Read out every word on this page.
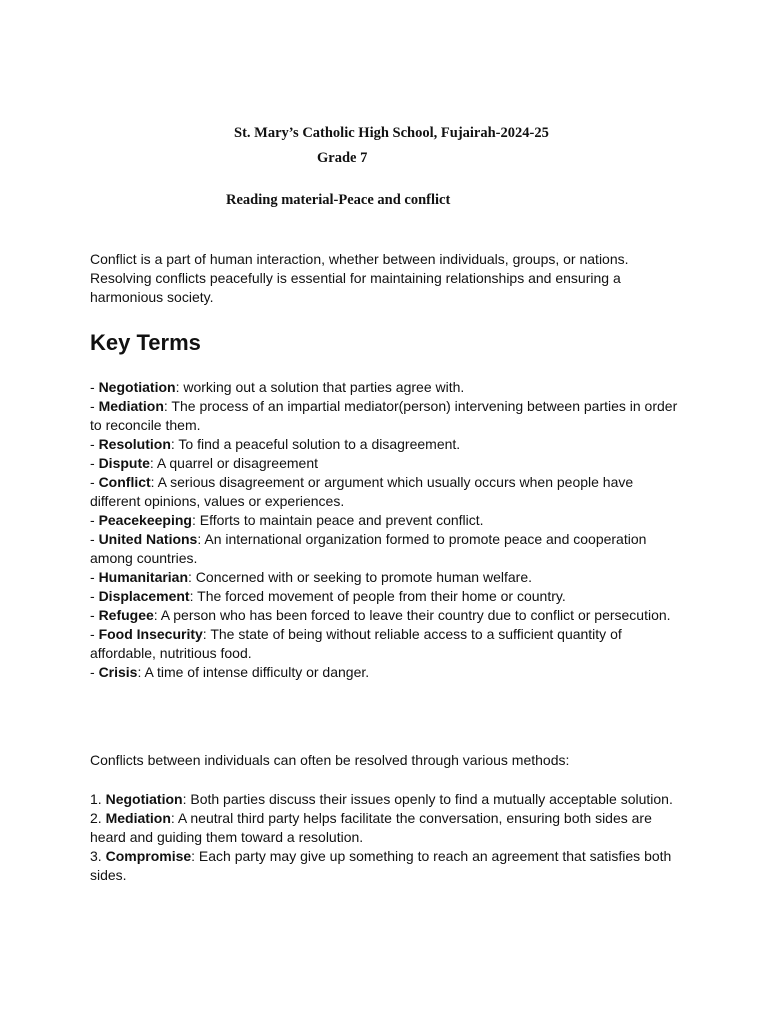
St. Mary’s Catholic High School, Fujairah-2024-25
Grade 7
Reading material-Peace and conflict
Conflict is a part of human interaction, whether between individuals, groups, or nations. Resolving conflicts peacefully is essential for maintaining relationships and ensuring a harmonious society.
Key Terms
- Negotiation: working out a solution that parties agree with.
- Mediation: The process of an impartial mediator(person) intervening between parties in order to reconcile them.
- Resolution: To find a peaceful solution to a disagreement.
- Dispute: A quarrel or disagreement
- Conflict: A serious disagreement or argument which usually occurs when people have different opinions, values or experiences.
- Peacekeeping: Efforts to maintain peace and prevent conflict.
- United Nations: An international organization formed to promote peace and cooperation among countries.
- Humanitarian: Concerned with or seeking to promote human welfare.
- Displacement: The forced movement of people from their home or country.
- Refugee: A person who has been forced to leave their country due to conflict or persecution.
- Food Insecurity: The state of being without reliable access to a sufficient quantity of affordable, nutritious food.
- Crisis: A time of intense difficulty or danger.
Conflicts between individuals can often be resolved through various methods:
1. Negotiation: Both parties discuss their issues openly to find a mutually acceptable solution.
2. Mediation: A neutral third party helps facilitate the conversation, ensuring both sides are heard and guiding them toward a resolution.
3. Compromise: Each party may give up something to reach an agreement that satisfies both sides.
